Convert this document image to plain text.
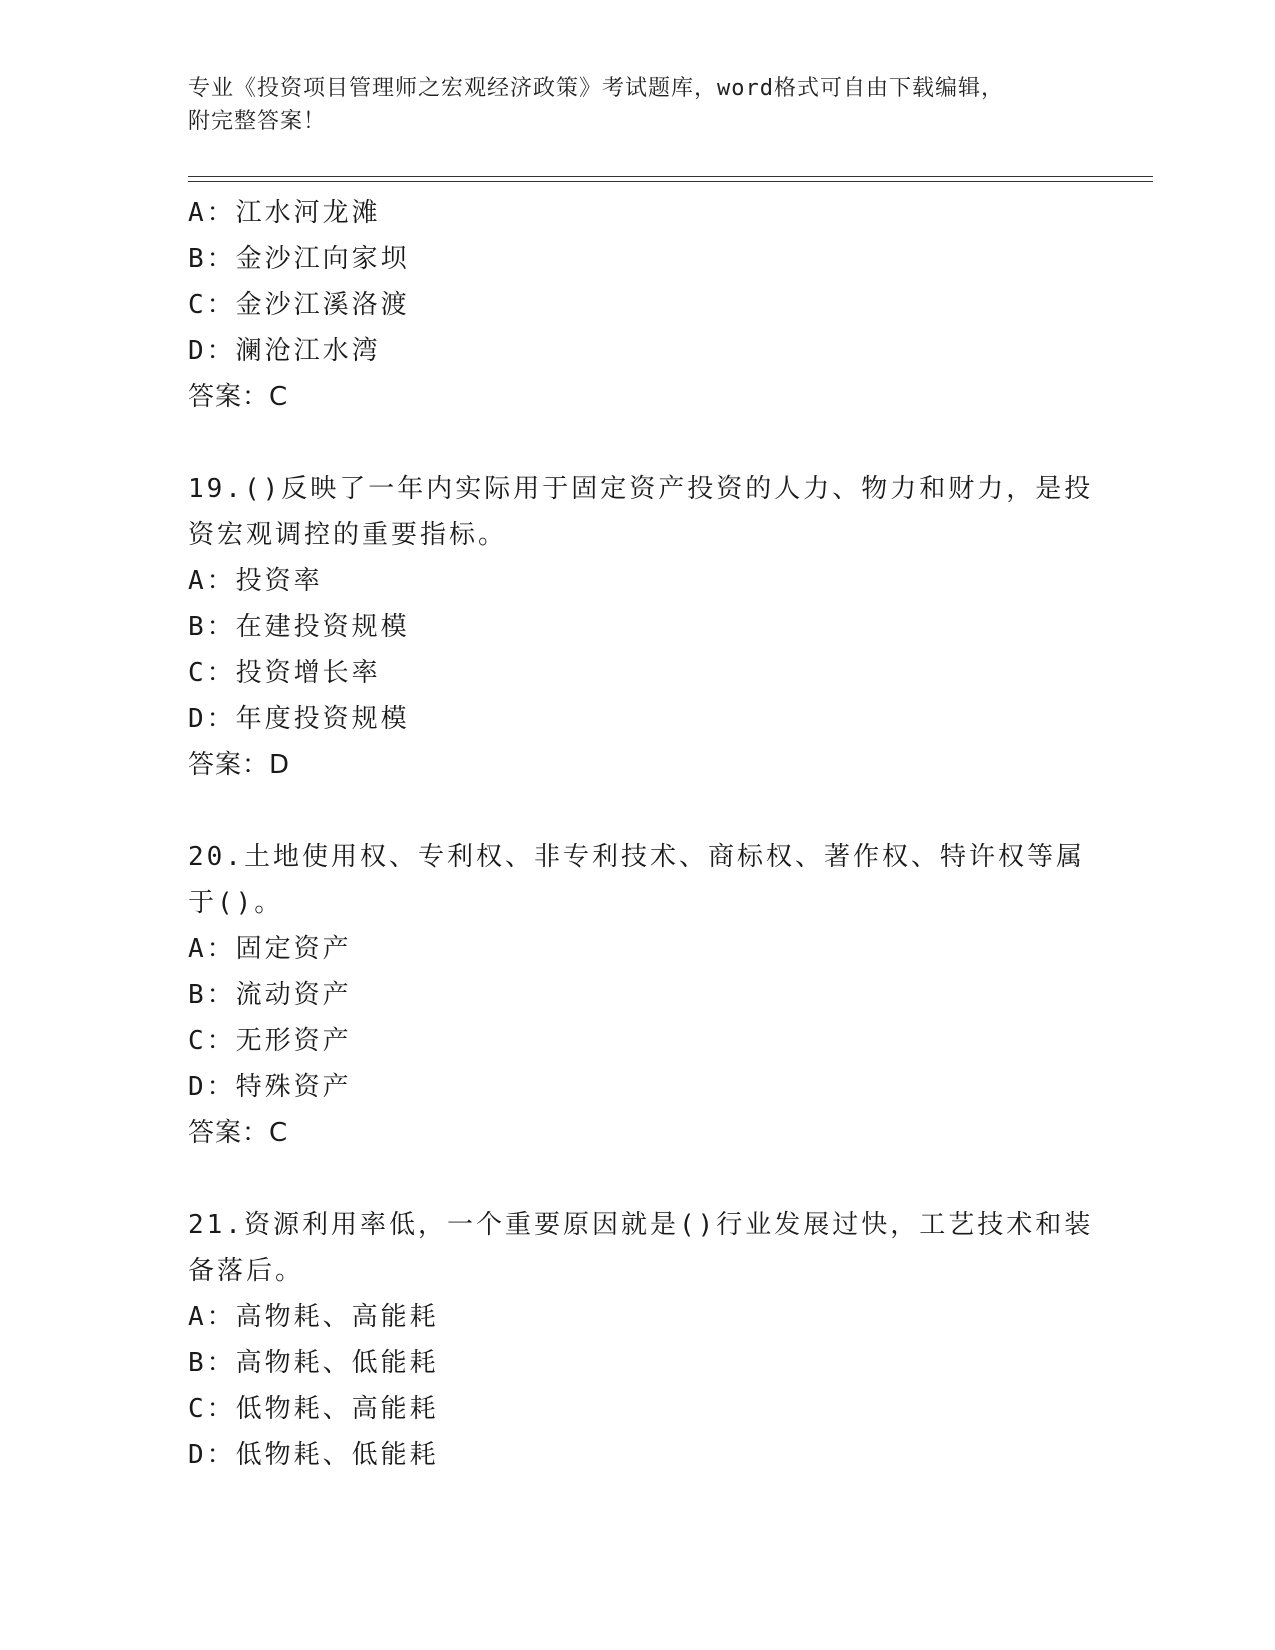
专业《投资项目管理师之宏观经济政策》考试题库，word格式可自由下载编辑，
附完整答案！
A：江水河龙滩
B：金沙江向家坝
C：金沙江溪洛渡
D：澜沧江水湾
答案：C
19.()反映了一年内实际用于固定资产投资的人力、物力和财力，是投
资宏观调控的重要指标。
A：投资率
B：在建投资规模
C：投资增长率
D：年度投资规模
答案：D
20.土地使用权、专利权、非专利技术、商标权、著作权、特许权等属
于()。
A：固定资产
B：流动资产
C：无形资产
D：特殊资产
答案：C
21.资源利用率低，一个重要原因就是()行业发展过快，工艺技术和装
备落后。
A：高物耗、高能耗
B：高物耗、低能耗
C：低物耗、高能耗
D：低物耗、低能耗
